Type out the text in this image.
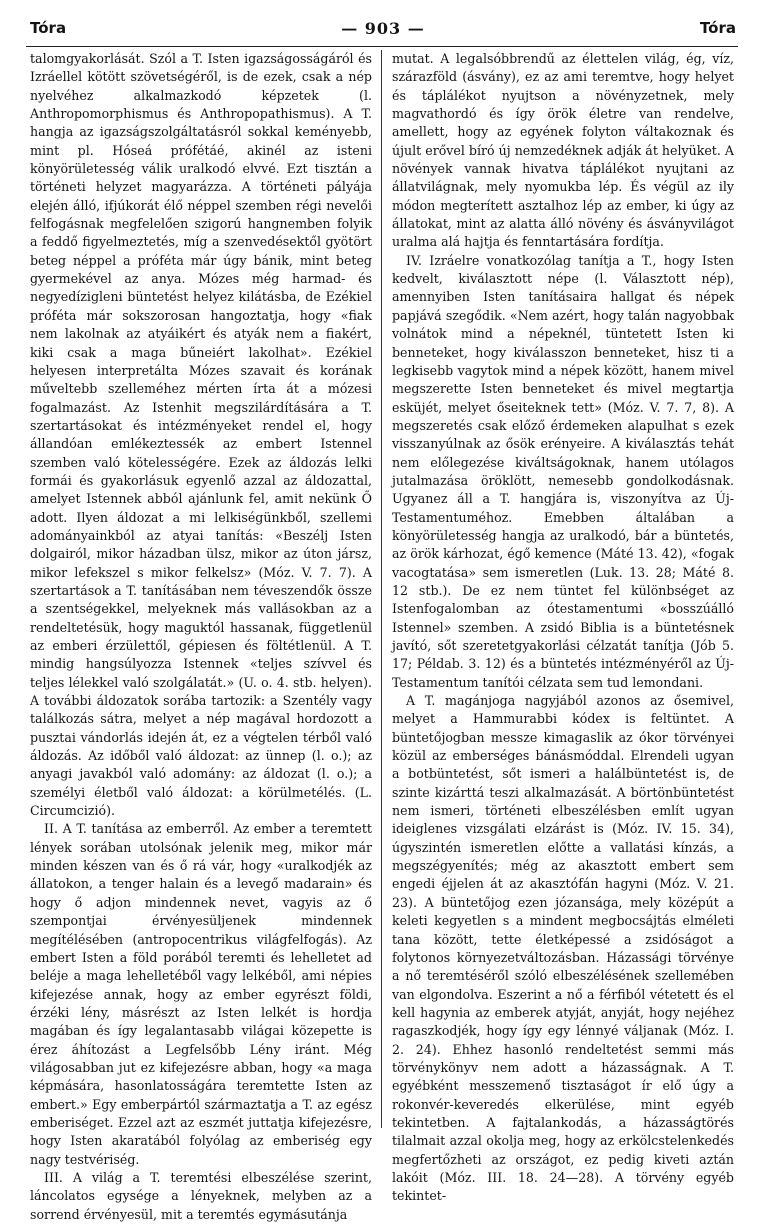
Tóra	— 903 —	Tóra

talomgyakorlását. Szól a T. Isten igazságosságáról és Izráellel kötött szövetségéről, is de ezek, csak a nép nyelvéhez alkalmazkodó képzetek (l. Anthropomorphismus és Anthropopathismus). A T. hangja az igazságszolgáltatásról sokkal keményebb, mint pl. Hóseá prófétáé, akinél az isteni könyörületesség válik uralkodó elvvé. Ezt tisztán a történeti helyzet magyarázza. A történeti pályája elején álló, ifjúkorát élő néppel szemben régi nevelői felfogásnak megfelelően szigorú hangnemben folyik a feddő figyelmeztetés, míg a szenvedésektől gyötört beteg néppel a próféta már úgy bánik, mint beteg gyermekével az anya. Mózes még harmad- és negyedízigleni büntetést helyez kilátásba, de Ezékiel próféta már sokszorosan hangoztatja, hogy «fiak nem lakolnak az atyáikért és atyák nem a fiakért, kiki csak a maga bűneiért lakolhat». Ezékiel helyesen interpretálta Mózes szavait és korának műveltebb szelleméhez mérten írta át a mózesi fogalmazást. Az Istenhit megszilárdítására a T. szertartásokat és intézményeket rendel el, hogy állandóan emlékeztessék az embert Istennel szemben való kötelességére. Ezek az áldozás lelki formái és gyakorlásuk egyenlő azzal az áldozattal, amelyet Istennek abból ajánlunk fel, amit nekünk Ő adott. Ilyen áldozat a mi lelkiségünkből, szellemi adományainkból az atyai tanítás: «Beszélj Isten dolgairól, mikor házadban ülsz, mikor az úton jársz, mikor lefekszel s mikor felkelsz» (Móz. V. 7. 7). A szertartások a T. tanításában nem téveszendők össze a szentségekkel, melyeknek más vallásokban az a rendeltetésük, hogy maguktól hassanak, függetlenül az emberi érzülettől, gépiesen és föltétlenül. A T. mindig hangsúlyozza Istennek «teljes szívvel és teljes lélekkel való szolgálatát.» (U. o. 4. stb. helyen). A további áldozatok sorába tartozik: a Szentély vagy találkozás sátra, melyet a nép magával hordozott a pusztai vándorlás idején át, ez a végtelen térből való áldozás. Az időből való áldozat: az ünnep (l. o.); az anyagi javakból való adomány: az áldozat (l. o.); a személyi életből való áldozat: a körülmetélés. (L. Circumcizió).

II. A T. tanítása az emberről. Az ember a teremtett lények sorában utolsónak jelenik meg, mikor már minden készen van és ő rá vár, hogy «uralkodjék az állatokon, a tenger halain és a levegő madarain» és hogy ő adjon mindennek nevet, vagyis az ő szempontjai érvényesüljenek mindennek megítélésében (antropocentrikus világfelfogás). Az embert Isten a föld porából teremti és lehelletet ad beléje a maga lehelletéből vagy lelkéből, ami népies kifejezése annak, hogy az ember egyrészt földi, érzéki lény, másrészt az Isten lelkét is hordja magában és így legalantasabb világai közepette is érez áhítozást a Legfelsőbb Lény iránt. Még világosabban jut ez kifejezésre abban, hogy «a maga képmására, hasonlatosságára teremtette Isten az embert.» Egy emberpártól származtatja a T. az egész emberiséget. Ezzel azt az eszmét juttatja kifejezésre, hogy Isten akaratából folyólag az emberiség egy nagy testvériség.

III. A világ a T. teremtési elbeszélése szerint, láncolatos egysége a lényeknek, melyben az a sorrend érvényesül, mit a teremtés egymásutánja

mutat. A legalsóbbrendű az élettelen világ, ég, víz, szárazföld (ásvány), ez az ami teremtve, hogy helyet és táplálékot nyujtson a növényzetnek, mely magvathordó és így örök életre van rendelve, amellett, hogy az egyének folyton váltakoznak és újult erővel bíró új nemzedéknek adják át helyüket. A növények vannak hivatva táplálékot nyujtani az állatvilágnak, mely nyomukba lép. És végül az ily módon megterített asztalhoz lép az ember, ki úgy az állatokat, mint az alatta álló növény és ásványvilágot uralma alá hajtja és fenntartására fordítja.

IV. Izráelre vonatkozólag tanítja a T., hogy Isten kedvelt, kiválasztott népe (l. Választott nép), amennyiben Isten tanításaira hallgat és népek papjává szegődik. «Nem azért, hogy talán nagyobbak volnátok mind a népeknél, tüntetett Isten ki benneteket, hogy kiválasszon benneteket, hisz ti a legkisebb vagytok mind a népek között, hanem mivel megszerette Isten benneteket és mivel megtartja esküjét, melyet őseiteknek tett» (Móz. V. 7. 7, 8). A megszeretés csak előző érdemeken alapulhat s ezek visszanyúlnak az ősök erényeire. A kiválasztás tehát nem előlegezése kiváltságoknak, hanem utólagos jutalmazása öröklött, nemesebb gondolkodásnak. Ugyanez áll a T. hangjára is, viszonyítva az Új-Testamentuméhoz. Emebben általában a könyörületesség hangja az uralkodó, bár a büntetés, az örök kárhozat, égő kemence (Máté 13. 42), «fogak vacogtatása» sem ismeretlen (Luk. 13. 28; Máté 8. 12 stb.). De ez nem tüntet fel különbséget az Istenfogalomban az ótestamentumi «bosszúálló Istennel» szemben. A zsidó Biblia is a büntetésnek javító, sőt szeretetgyakorlási célzatát tanítja (Jób 5. 17; Példab. 3. 12) és a büntetés intézményéről az Új-Testamentum tanítói célzata sem tud lemondani.

A T. magánjoga nagyjából azonos az ősemivel, melyet a Hammurabbi kódex is feltüntet. A büntetőjogban messze kimagaslik az ókor törvényei közül az emberséges bánásmóddal. Elrendeli ugyan a botbüntetést, sőt ismeri a halálbüntetést is, de szinte kizárttá teszi alkalmazását. A börtönbüntetést nem ismeri, történeti elbeszélésben említ ugyan ideiglenes vizsgálati elzárást is (Móz. IV. 15. 34), úgyszintén ismeretlen előtte a vallatási kínzás, a megszégyenítés; még az akasztott embert sem engedi éjjelen át az akasztófán hagyni (Móz. V. 21. 23). A büntetőjog ezen józansága, mely középút a keleti kegyetlen s a mindent megbocsájtás elméleti tana között, tette életképessé a zsidóságot a folytonos környezetváltozásban. Házassági törvénye a nő teremtéséről szóló elbeszélésének szellemében van elgondolva. Eszerint a nő a férfiból vétetett és el kell hagynia az emberek atyját, anyját, hogy nejéhez ragaszkodjék, hogy így egy lénnyé váljanak (Móz. I. 2. 24). Ehhez hasonló rendeltetést semmi más törvénykönyv nem adott a házasságnak. A T. egyébként messzemenő tisztaságot ír elő úgy a rokonvér-keveredés elkerülése, mint egyéb tekintetben. A fajtalankodás, a házasságtörés tilalmait azzal okolja meg, hogy az erkölcstelenkedés megfertőzheti az országot, ez pedig kiveti aztán lakóit (Móz. III. 18. 24—28). A törvény egyéb tekintet-
